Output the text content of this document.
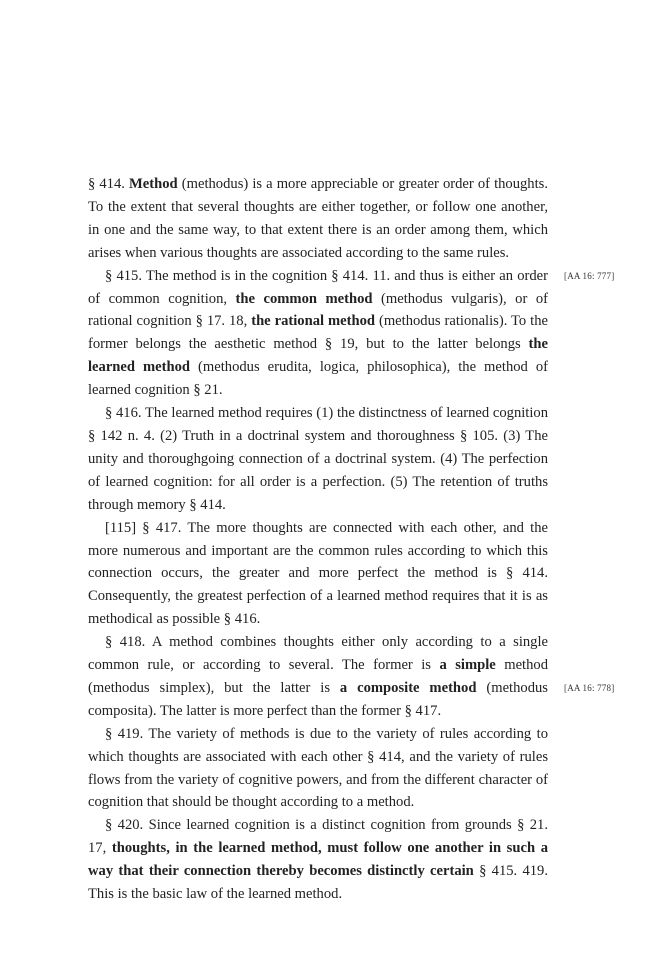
§ 414. Method (methodus) is a more appreciable or greater order of thoughts. To the extent that several thoughts are either together, or follow one another, in one and the same way, to that extent there is an order among them, which arises when various thoughts are associated according to the same rules.

§ 415. The method is in the cognition § 414. 11. and thus is either an order of common cognition, the common method (methodus vulgaris), or of rational cognition § 17. 18, the rational method (methodus rationalis). To the former belongs the aesthetic method § 19, but to the latter belongs the learned method (methodus erudita, logica, philosophica), the method of learned cognition § 21.
[AA 16: 777]

§ 416. The learned method requires (1) the distinctness of learned cognition § 142 n. 4. (2) Truth in a doctrinal system and thoroughness § 105. (3) The unity and thoroughgoing connection of a doctrinal system. (4) The perfection of learned cognition: for all order is a perfection. (5) The retention of truths through memory § 414.

[115] § 417. The more thoughts are connected with each other, and the more numerous and important are the common rules according to which this connection occurs, the greater and more perfect the method is § 414. Consequently, the greatest perfection of a learned method requires that it is as methodical as possible § 416.

§ 418. A method combines thoughts either only according to a single common rule, or according to several. The former is a simple method (methodus simplex), but the latter is a composite method (methodus composita). The latter is more perfect than the former § 417.
[AA 16: 778]

§ 419. The variety of methods is due to the variety of rules according to which thoughts are associated with each other § 414, and the variety of rules flows from the variety of cognitive powers, and from the different character of cognition that should be thought according to a method.

§ 420. Since learned cognition is a distinct cognition from grounds § 21. 17, thoughts, in the learned method, must follow one another in such a way that their connection thereby becomes distinctly certain § 415. 419. This is the basic law of the learned method.
